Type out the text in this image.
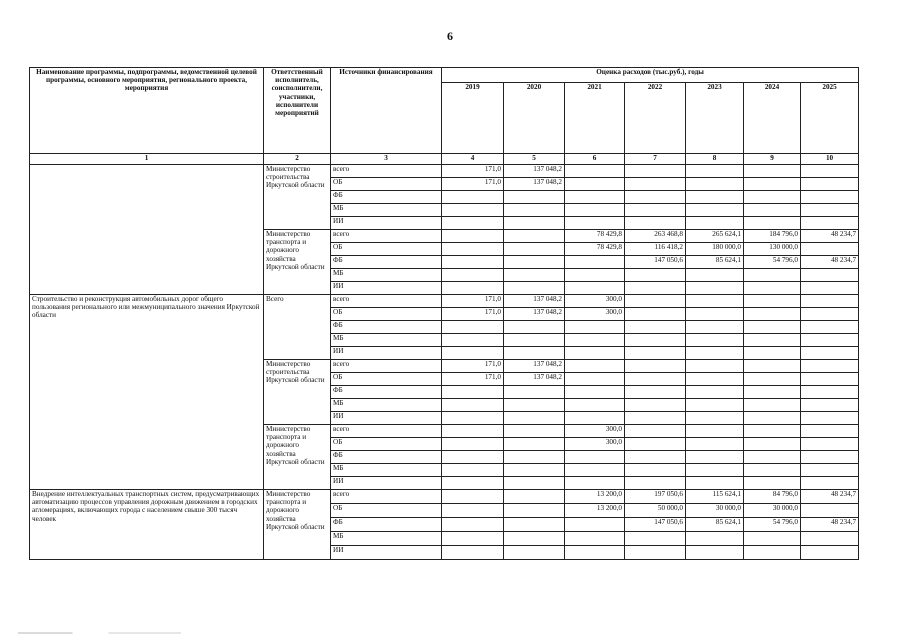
6
Наименование программы, подпрограммы, ведомственной целевой программы, основного мероприятия, регионального проекта, мероприятия	Ответственный исполнитель, соисполнители, участники, исполнители мероприятий	Источники финансирования	Оценка расходов (тыс.руб.), годы						
			2019	2020	2021	2022	2023	2024	2025
1	2	3	4	5	6	7	8	9	10
	Министерство строительства Иркутской области	всего	171,0	137 048,2					
		ОБ	171,0	137 048,2					
		ФБ							
		МБ							
		ИИ							
	Министерство транспорта и дорожного хозяйства Иркутской области	всего			78 429,8	263 468,8	265 624,1	184 796,0	48 234,7
		ОБ			78 429,8	116 418,2	180 000,0	130 000,0	
		ФБ				147 050,6	85 624,1	54 796,0	48 234,7
		МБ							
		ИИ							
Строительство и реконструкция автомобильных дорог общего пользования регионального или межмуниципального значения Иркутской области	Всего	всего	171,0	137 048,2	300,0				
		ОБ	171,0	137 048,2	300,0				
		ФБ							
		МБ							
		ИИ							
	Министерство строительства Иркутской области	всего	171,0	137 048,2					
		ОБ	171,0	137 048,2					
		ФБ							
		МБ							
		ИИ							
	Министерство транспорта и дорожного хозяйства Иркутской области	всего			300,0				
		ОБ			300,0				
		ФБ							
		МБ							
		ИИ							
Внедрение интеллектуальных транспортных систем, предусматривающих автоматизацию процессов управления дорожным движением в городских агломерациях, включающих города с населением свыше 300 тысяч человек	Министерство транспорта и дорожного хозяйства Иркутской области	всего			13 200,0	197 050,6	115 624,1	84 796,0	48 234,7
		ОБ			13 200,0	50 000,0	30 000,0	30 000,0	
		ФБ				147 050,6	85 624,1	54 796,0	48 234,7
		МБ							
		ИИ							
